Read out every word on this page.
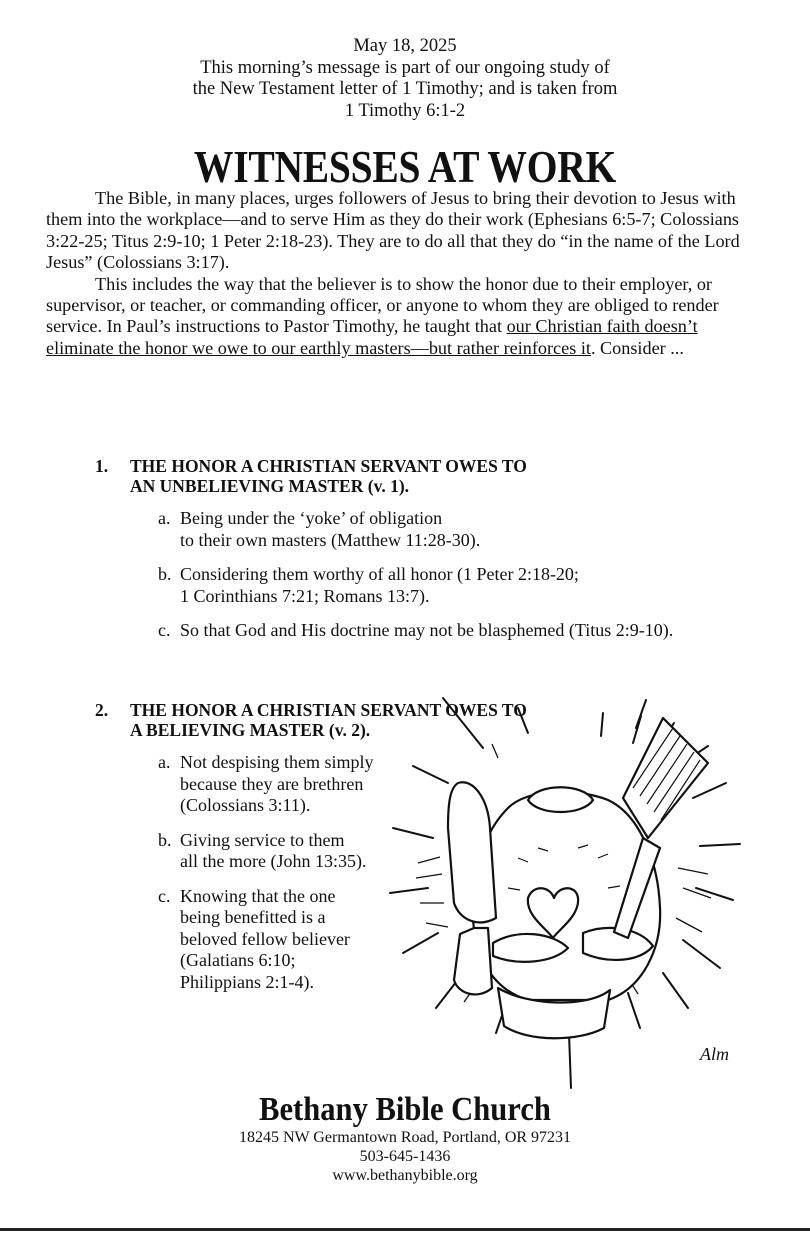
May 18, 2025
This morning’s message is part of our ongoing study of
the New Testament letter of 1 Timothy; and is taken from
1 Timothy 6:1-2
WITNESSES AT WORK

The Bible, in many places, urges followers of Jesus to bring their devotion to Jesus with them into the workplace—and to serve Him as they do their work (Ephesians 6:5-7; Colossians 3:22-25; Titus 2:9-10; 1 Peter 2:18-23). They are to do all that they do “in the name of the Lord Jesus” (Colossians 3:17).

This includes the way that the believer is to show the honor due to their employer, or supervisor, or teacher, or commanding officer, or anyone to whom they are obliged to render service. In Paul’s instructions to Pastor Timothy, he taught that our Christian faith doesn’t eliminate the honor we owe to our earthly masters—but rather reinforces it. Consider ...

1.	THE HONOR A CHRISTIAN SERVANT OWES TO
AN UNBELIEVING MASTER (v. 1).
a. Being under the ‘yoke’ of obligation
to their own masters (Matthew 11:28-30).
b. Considering them worthy of all honor (1 Peter 2:18-20;
1 Corinthians 7:21; Romans 13:7).
c. So that God and His doctrine may not be blasphemed (Titus 2:9-10).
2.	THE HONOR A CHRISTIAN SERVANT OWES TO
A BELIEVING MASTER (v. 2).
a. Not despising them simply
because they are brethren
(Colossians 3:11).
b. Giving service to them
all the more (John 13:35).
c. Knowing that the one
being benefitted is a
beloved fellow believer
(Galatians 6:10;
Philippians 2:1-4).
Alm
Bethany Bible Church
18245 NW Germantown Road, Portland, OR 97231
503-645-1436
www.bethanybible.org
